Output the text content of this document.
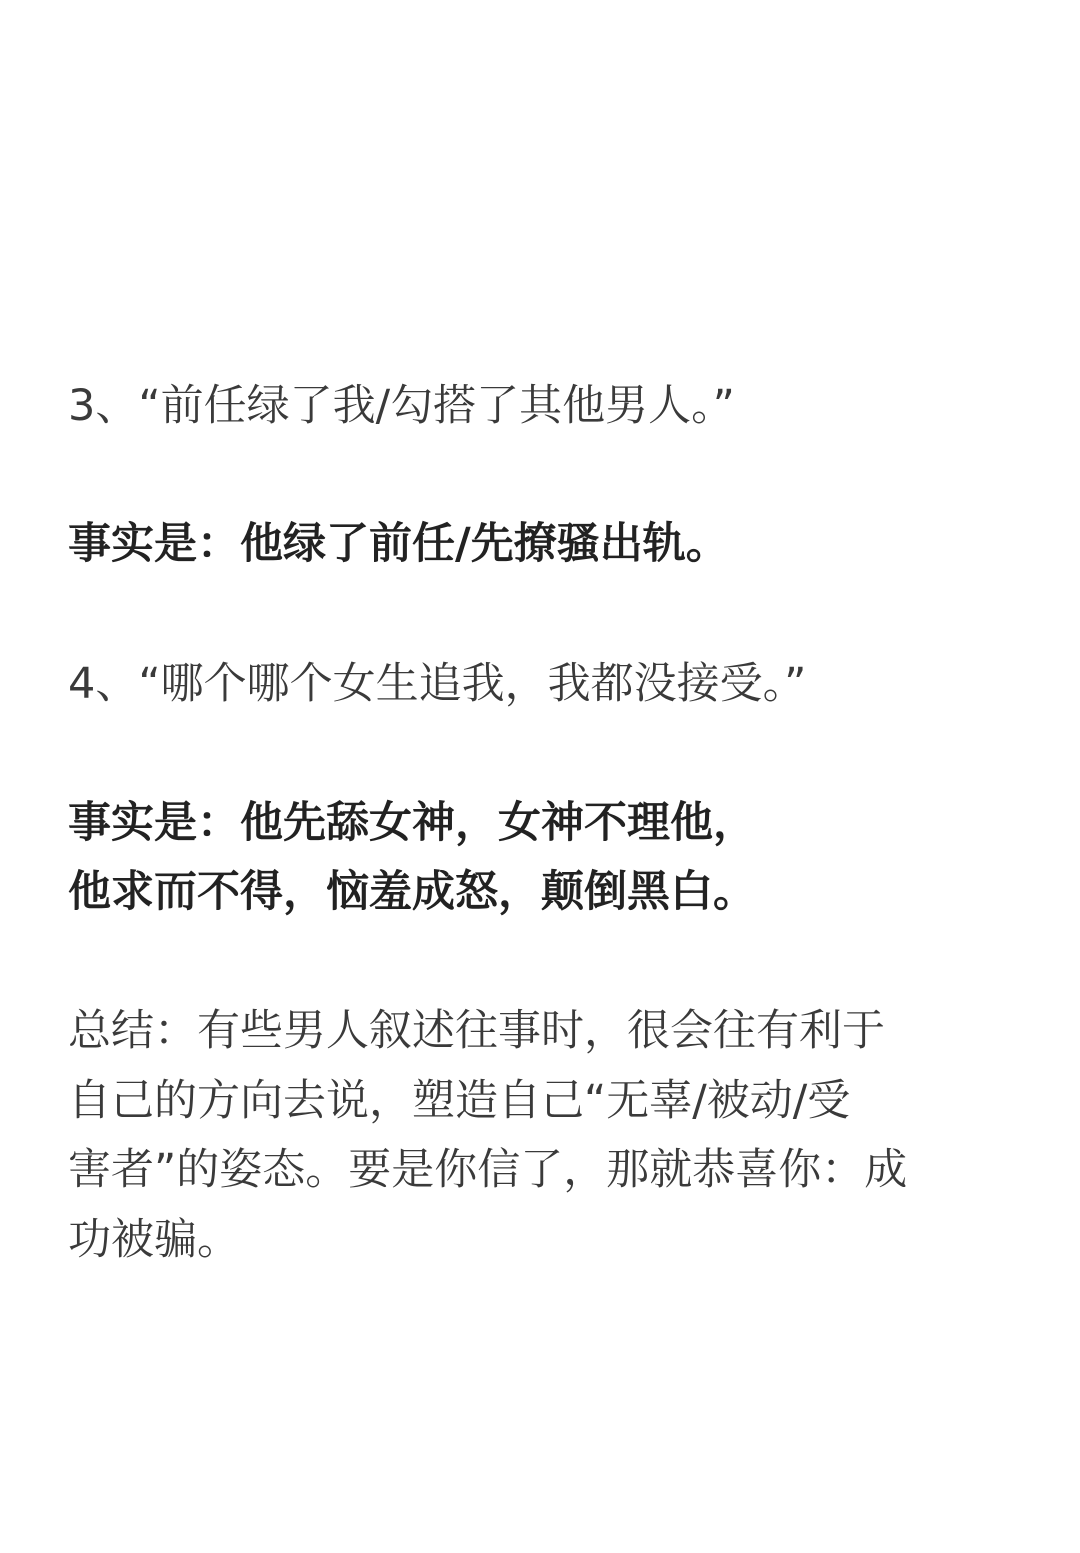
3、“前任绿了我/勾搭了其他男人。”

事实是：他绿了前任/先撩骚出轨。

4、“哪个哪个女生追我，我都没接受。”

事实是：他先舔女神，女神不理他，

他求而不得，恼羞成怒，颠倒黑白。

总结：有些男人叙述往事时，很会往有利于

自己的方向去说，塑造自己“无辜/被动/受

害者”的姿态。要是你信了，那就恭喜你：成

功被骗。
